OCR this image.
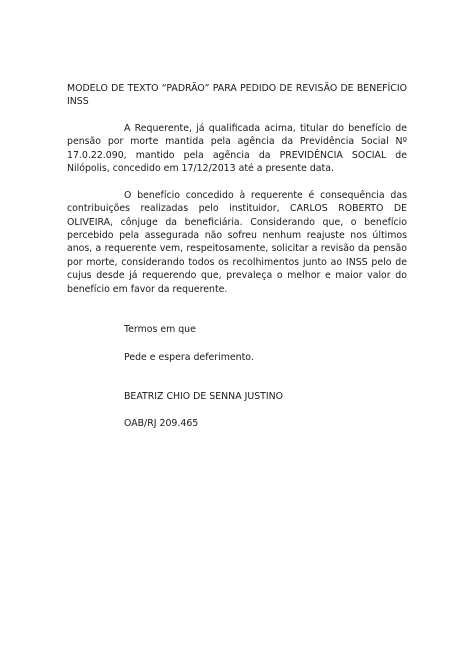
MODELO DE TEXTO “PADRÃO” PARA PEDIDO DE REVISÃO DE BENEFÍCIO INSS

A Requerente, já qualificada acima, titular do benefício de pensão por morte mantida pela agência da Previdência Social Nº 17.0.22.090, mantido pela agência da PREVIDÊNCIA SOCIAL de Nilópolis, concedido em 17/12/2013 até a presente data.

O benefício concedido à requerente é consequência das contribuições realizadas pelo instituidor, CARLOS ROBERTO DE OLIVEIRA, cônjuge da beneficiária. Considerando que, o benefício percebido pela assegurada não sofreu nenhum reajuste nos últimos anos, a requerente vem, respeitosamente, solicitar a revisão da pensão por morte, considerando todos os recolhimentos junto ao INSS pelo de cujus desde já requerendo que, prevaleça o melhor e maior valor do benefício em favor da requerente.

Termos em que
Pede e espera deferimento.
BEATRIZ CHIO DE SENNA JUSTINO
OAB/RJ 209.465
